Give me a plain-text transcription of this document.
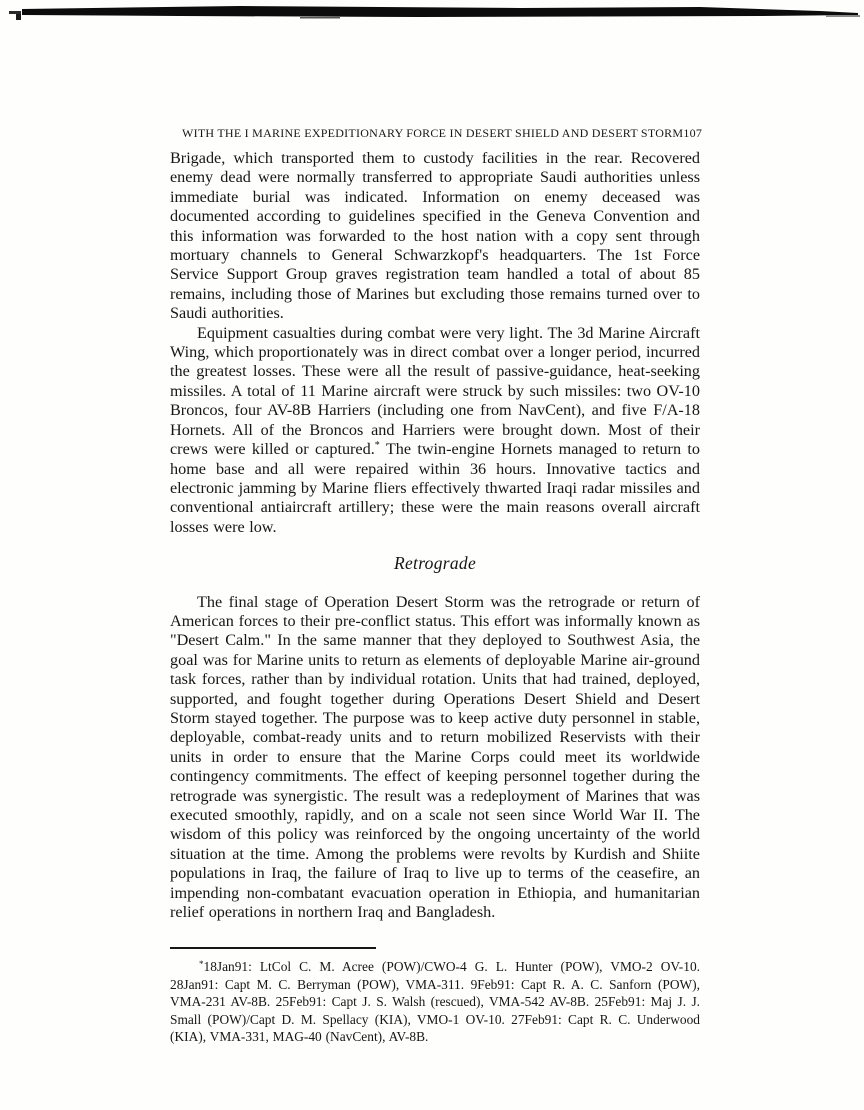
WITH THE I MARINE EXPEDITIONARY FORCE IN DESERT SHIELD AND DESERT STORM 107

Brigade, which transported them to custody facilities in the rear. Recovered enemy dead were normally transferred to appropriate Saudi authorities unless immediate burial was indicated. Information on enemy deceased was documented according to guidelines specified in the Geneva Convention and this information was forwarded to the host nation with a copy sent through mortuary channels to General Schwarzkopf's headquarters. The 1st Force Service Support Group graves registration team handled a total of about 85 remains, including those of Marines but excluding those remains turned over to Saudi authorities.

Equipment casualties during combat were very light. The 3d Marine Aircraft Wing, which proportionately was in direct combat over a longer period, incurred the greatest losses. These were all the result of passive-guidance, heat-seeking missiles. A total of 11 Marine aircraft were struck by such missiles: two OV-10 Broncos, four AV-8B Harriers (including one from NavCent), and five F/A-18 Hornets. All of the Broncos and Harriers were brought down. Most of their crews were killed or captured.* The twin-engine Hornets managed to return to home base and all were repaired within 36 hours. Innovative tactics and electronic jamming by Marine fliers effectively thwarted Iraqi radar missiles and conventional antiaircraft artillery; these were the main reasons overall aircraft losses were low.

Retrograde

The final stage of Operation Desert Storm was the retrograde or return of American forces to their pre-conflict status. This effort was informally known as "Desert Calm." In the same manner that they deployed to Southwest Asia, the goal was for Marine units to return as elements of deployable Marine air-ground task forces, rather than by individual rotation. Units that had trained, deployed, supported, and fought together during Operations Desert Shield and Desert Storm stayed together. The purpose was to keep active duty personnel in stable, deployable, combat-ready units and to return mobilized Reservists with their units in order to ensure that the Marine Corps could meet its worldwide contingency commitments. The effect of keeping personnel together during the retrograde was synergistic. The result was a redeployment of Marines that was executed smoothly, rapidly, and on a scale not seen since World War II. The wisdom of this policy was reinforced by the ongoing uncertainty of the world situation at the time. Among the problems were revolts by Kurdish and Shiite populations in Iraq, the failure of Iraq to live up to terms of the ceasefire, an impending non-combatant evacuation operation in Ethiopia, and humanitarian relief operations in northern Iraq and Bangladesh.

*18Jan91: LtCol C. M. Acree (POW)/CWO-4 G. L. Hunter (POW), VMO-2 OV-10. 28Jan91: Capt M. C. Berryman (POW), VMA-311. 9Feb91: Capt R. A. C. Sanforn (POW), VMA-231 AV-8B. 25Feb91: Capt J. S. Walsh (rescued), VMA-542 AV-8B. 25Feb91: Maj J. J. Small (POW)/Capt D. M. Spellacy (KIA), VMO-1 OV-10. 27Feb91: Capt R. C. Underwood (KIA), VMA-331, MAG-40 (NavCent), AV-8B.
